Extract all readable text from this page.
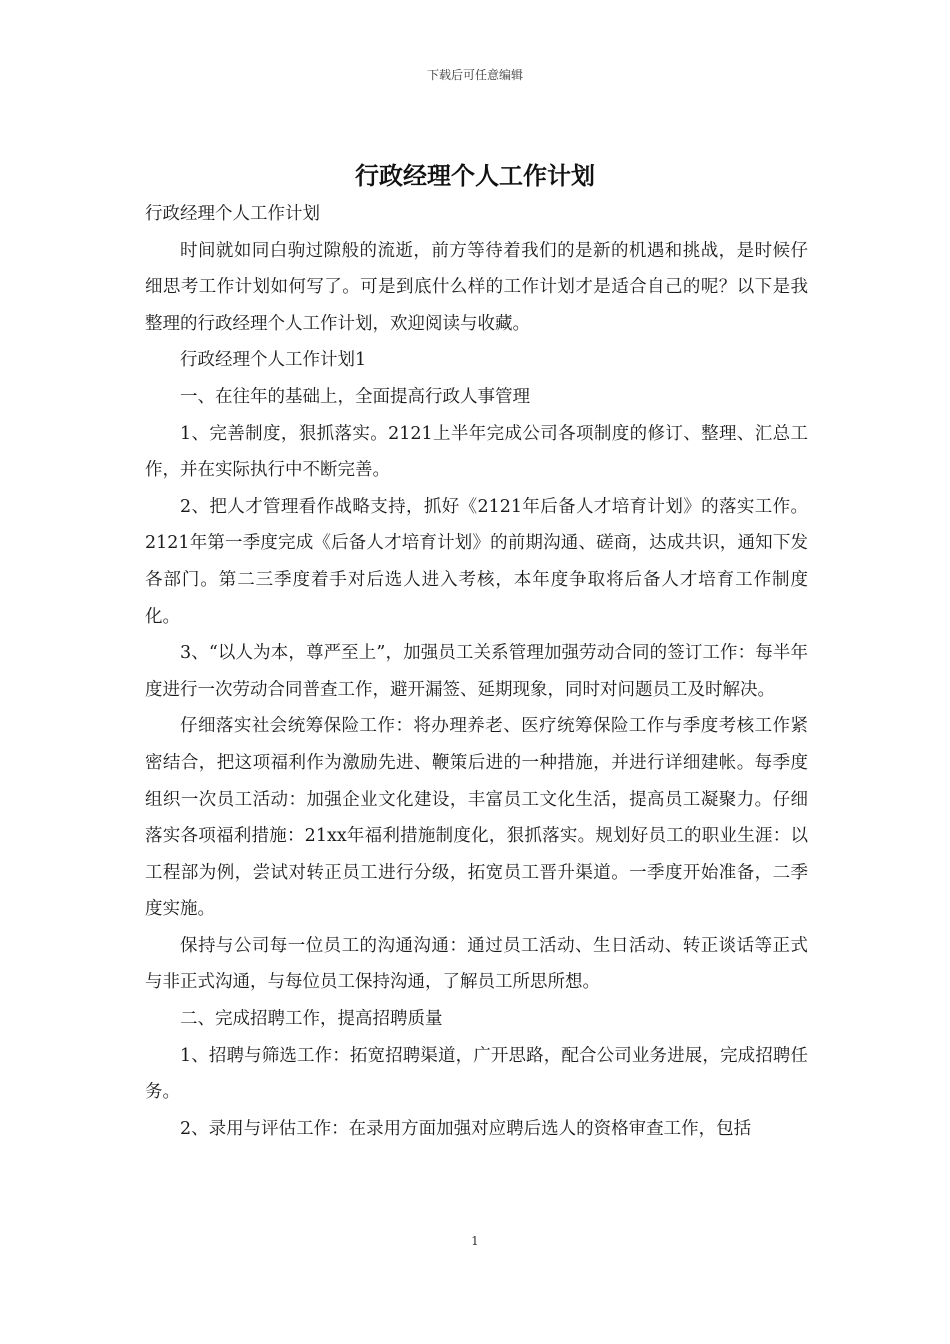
下载后可任意编辑
行政经理个人工作计划

行政经理个人工作计划

时间就如同白驹过隙般的流逝，前方等待着我们的是新的机遇和挑战，是时候仔细思考工作计划如何写了。可是到底什么样的工作计划才是适合自己的呢？以下是我整理的行政经理个人工作计划，欢迎阅读与收藏。

行政经理个人工作计划1

一、在往年的基础上，全面提高行政人事管理

1、完善制度，狠抓落实。2121上半年完成公司各项制度的修订、整理、汇总工作，并在实际执行中不断完善。

2、把人才管理看作战略支持，抓好《2121年后备人才培育计划》的落实工作。2121年第一季度完成《后备人才培育计划》的前期沟通、磋商，达成共识，通知下发各部门。第二三季度着手对后选人进入考核，本年度争取将后备人才培育工作制度化。

3、“以人为本，尊严至上”，加强员工关系管理加强劳动合同的签订工作：每半年度进行一次劳动合同普查工作，避开漏签、延期现象，同时对问题员工及时解决。

仔细落实社会统筹保险工作：将办理养老、医疗统筹保险工作与季度考核工作紧密结合，把这项福利作为激励先进、鞭策后进的一种措施，并进行详细建帐。每季度组织一次员工活动：加强企业文化建设，丰富员工文化生活，提高员工凝聚力。仔细落实各项福利措施：21xx年福利措施制度化，狠抓落实。规划好员工的职业生涯：以工程部为例，尝试对转正员工进行分级，拓宽员工晋升渠道。一季度开始准备，二季度实施。

保持与公司每一位员工的沟通沟通：通过员工活动、生日活动、转正谈话等正式与非正式沟通，与每位员工保持沟通，了解员工所思所想。

二、完成招聘工作，提高招聘质量

1、招聘与筛选工作：拓宽招聘渠道，广开思路，配合公司业务进展，完成招聘任务。

2、录用与评估工作：在录用方面加强对应聘后选人的资格审查工作，包括

1
